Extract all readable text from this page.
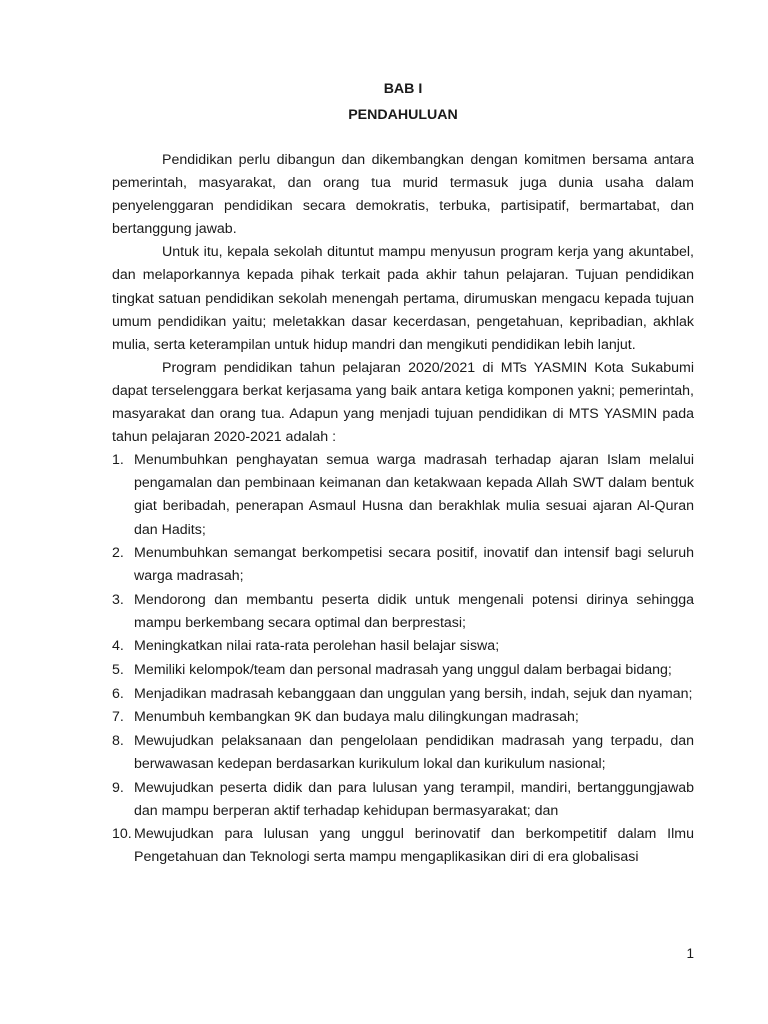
BAB I

PENDAHULUAN

Pendidikan perlu dibangun dan dikembangkan dengan komitmen bersama antara pemerintah, masyarakat, dan orang tua murid termasuk juga dunia usaha dalam penyelenggaran pendidikan secara demokratis, terbuka, partisipatif, bermartabat, dan bertanggung jawab.

Untuk itu, kepala sekolah dituntut mampu menyusun program kerja yang akuntabel, dan melaporkannya kepada pihak terkait pada akhir tahun pelajaran. Tujuan pendidikan tingkat satuan pendidikan sekolah menengah pertama, dirumuskan mengacu kepada tujuan umum pendidikan yaitu; meletakkan dasar kecerdasan, pengetahuan, kepribadian, akhlak mulia, serta keterampilan untuk hidup mandri dan mengikuti pendidikan lebih lanjut.

Program pendidikan tahun pelajaran 2020/2021 di MTs YASMIN Kota Sukabumi dapat terselenggara berkat kerjasama yang baik antara ketiga komponen yakni; pemerintah, masyarakat dan orang tua. Adapun yang menjadi tujuan pendidikan di MTS YASMIN pada tahun pelajaran 2020-2021 adalah :

1. Menumbuhkan penghayatan semua warga madrasah terhadap ajaran Islam melalui pengamalan dan pembinaan keimanan dan ketakwaan kepada Allah SWT dalam bentuk giat beribadah, penerapan Asmaul Husna dan berakhlak mulia sesuai ajaran Al-Quran dan Hadits;
2. Menumbuhkan semangat berkompetisi secara positif, inovatif dan intensif bagi seluruh warga madrasah;
3. Mendorong dan membantu peserta didik untuk mengenali potensi dirinya sehingga mampu berkembang secara optimal dan berprestasi;
4. Meningkatkan nilai rata-rata perolehan hasil belajar siswa;
5. Memiliki kelompok/team dan personal madrasah yang unggul dalam berbagai bidang;
6. Menjadikan madrasah kebanggaan dan unggulan yang bersih, indah, sejuk dan nyaman;
7. Menumbuh kembangkan 9K dan budaya malu dilingkungan madrasah;
8. Mewujudkan pelaksanaan dan pengelolaan pendidikan madrasah yang terpadu, dan berwawasan kedepan berdasarkan kurikulum lokal dan kurikulum nasional;
9. Mewujudkan peserta didik dan para lulusan yang terampil, mandiri, bertanggungjawab dan mampu berperan aktif terhadap kehidupan bermasyarakat; dan
10. Mewujudkan para lulusan yang unggul berinovatif dan berkompetitif dalam Ilmu Pengetahuan dan Teknologi serta mampu mengaplikasikan diri di era globalisasi
1
